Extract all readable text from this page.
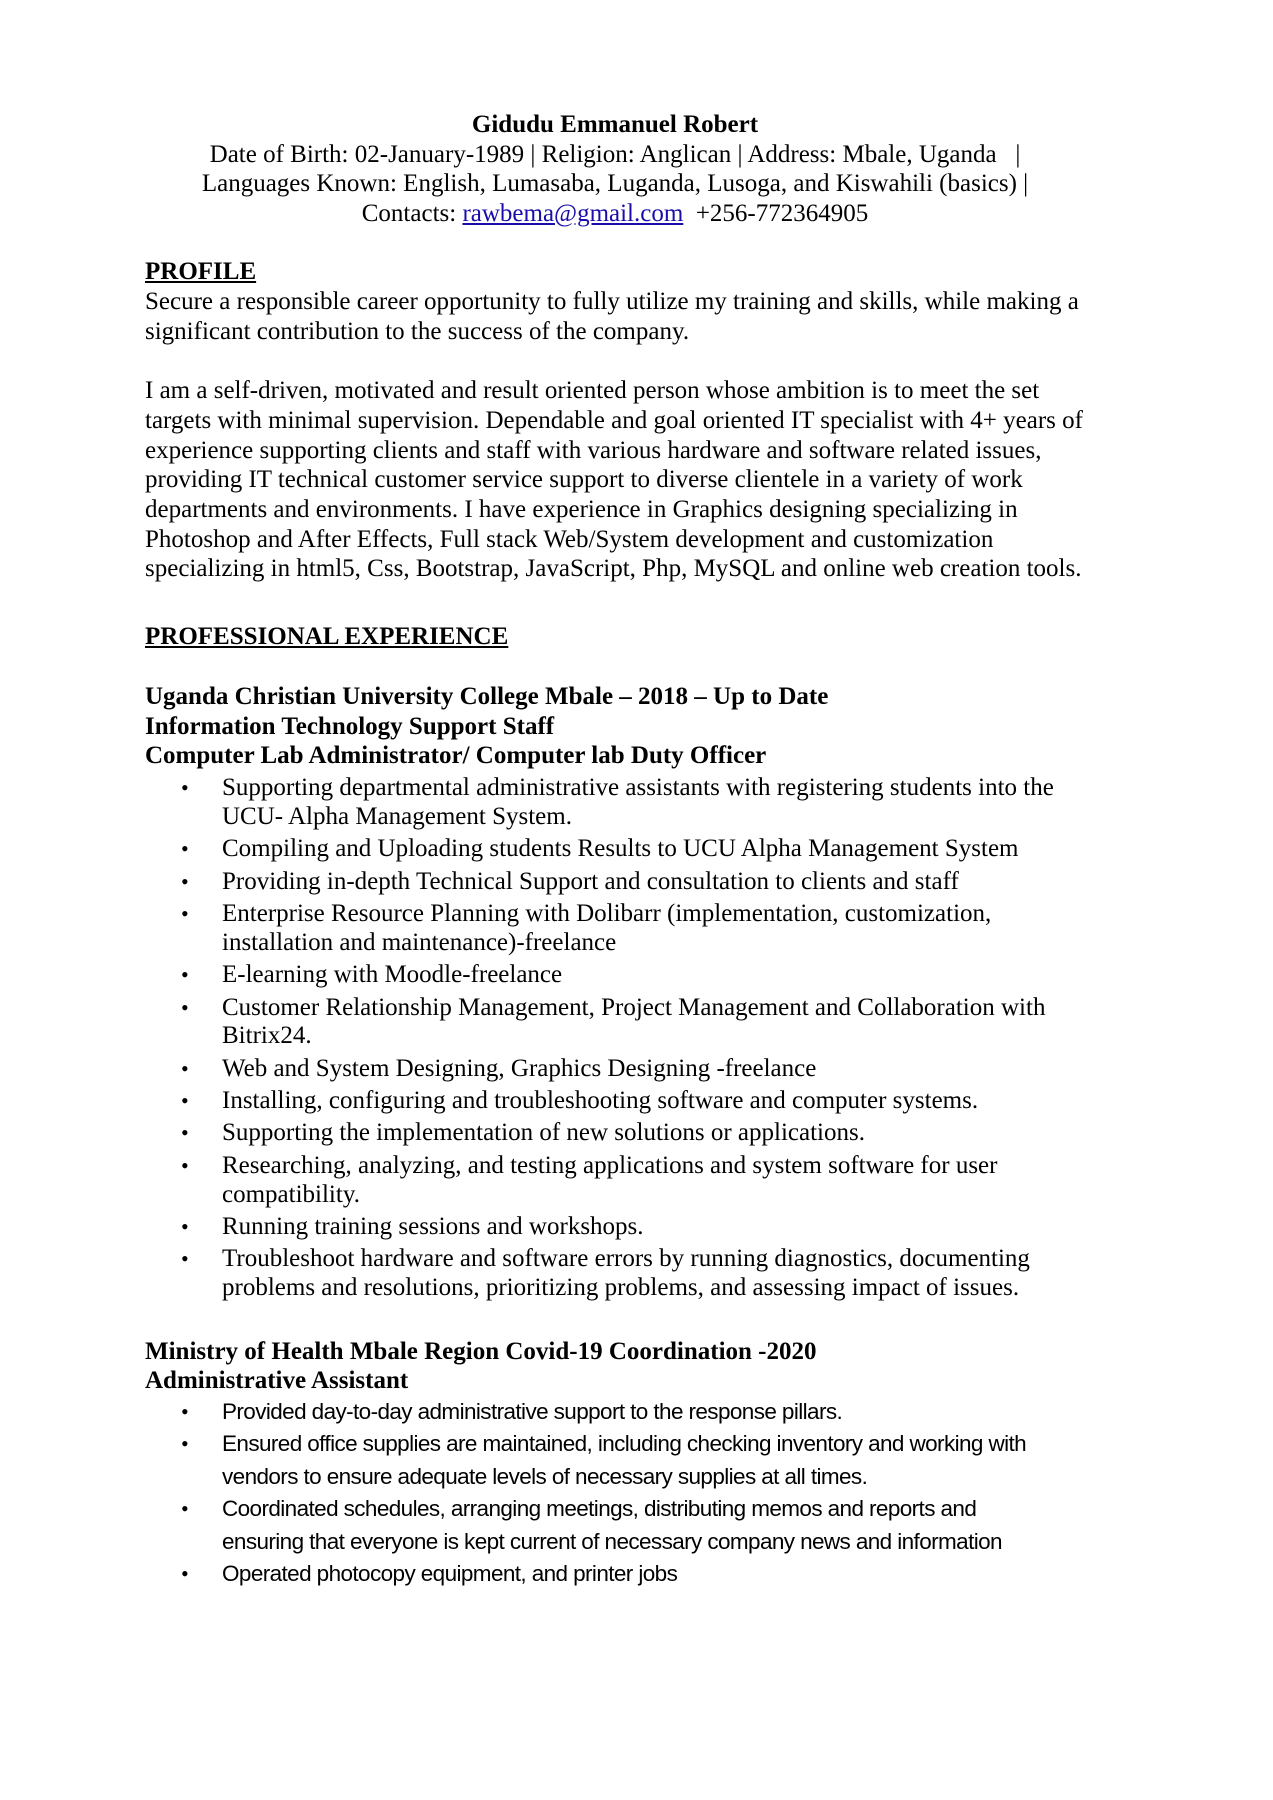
Gidudu Emmanuel Robert
Date of Birth: 02-January-1989 | Religion: Anglican | Address: Mbale, Uganda   |
Languages Known: English, Lumasaba, Luganda, Lusoga, and Kiswahili (basics) |
Contacts: rawbema@gmail.com  +256-772364905
PROFILE

Secure a responsible career opportunity to fully utilize my training and skills, while making a significant contribution to the success of the company.

I am a self-driven, motivated and result oriented person whose ambition is to meet the set targets with minimal supervision. Dependable and goal oriented IT specialist with 4+ years of experience supporting clients and staff with various hardware and software related issues, providing IT technical customer service support to diverse clientele in a variety of work departments and environments. I have experience in Graphics designing specializing in Photoshop and After Effects, Full stack Web/System development and customization specializing in html5, Css, Bootstrap, JavaScript, Php, MySQL and online web creation tools.

PROFESSIONAL EXPERIENCE
Uganda Christian University College Mbale – 2018 – Up to Date
Information Technology Support Staff
Computer Lab Administrator/ Computer lab Duty Officer
• Supporting departmental administrative assistants with registering students into the UCU- Alpha Management System.
• Compiling and Uploading students Results to UCU Alpha Management System
• Providing in-depth Technical Support and consultation to clients and staff
• Enterprise Resource Planning with Dolibarr (implementation, customization, installation and maintenance)-freelance
• E-learning with Moodle-freelance
• Customer Relationship Management, Project Management and Collaboration with Bitrix24.
• Web and System Designing, Graphics Designing -freelance
• Installing, configuring and troubleshooting software and computer systems.
• Supporting the implementation of new solutions or applications.
• Researching, analyzing, and testing applications and system software for user compatibility.
• Running training sessions and workshops.
• Troubleshoot hardware and software errors by running diagnostics, documenting problems and resolutions, prioritizing problems, and assessing impact of issues.
Ministry of Health Mbale Region Covid-19 Coordination -2020
Administrative Assistant
• Provided day-to-day administrative support to the response pillars.
• Ensured office supplies are maintained, including checking inventory and working with vendors to ensure adequate levels of necessary supplies at all times.
• Coordinated schedules, arranging meetings, distributing memos and reports and ensuring that everyone is kept current of necessary company news and information
• Operated photocopy equipment, and printer jobs
